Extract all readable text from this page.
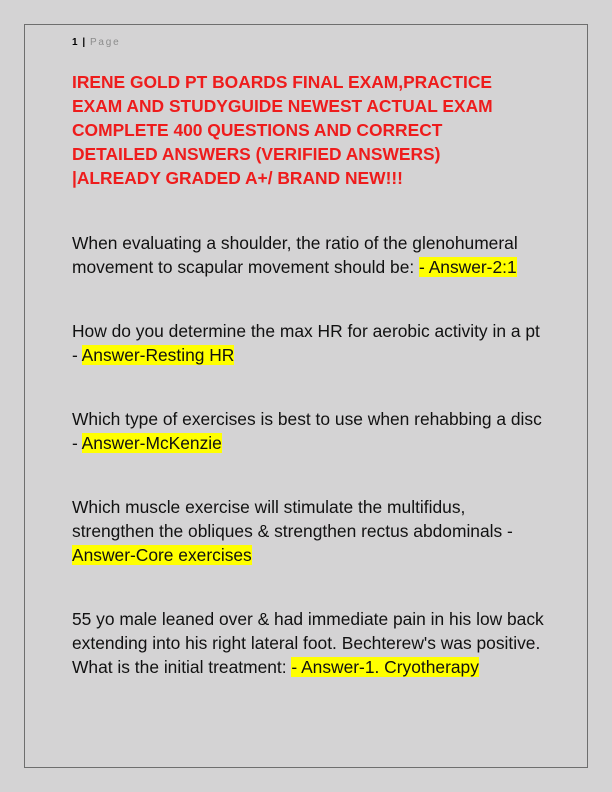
1 | Page
IRENE GOLD PT BOARDS FINAL EXAM,PRACTICE EXAM AND STUDYGUIDE NEWEST ACTUAL EXAM COMPLETE 400 QUESTIONS AND CORRECT DETAILED ANSWERS (VERIFIED ANSWERS) |ALREADY GRADED A+/ BRAND NEW!!!

When evaluating a shoulder, the ratio of the glenohumeral movement to scapular movement should be: - Answer-2:1

How do you determine the max HR for aerobic activity in a pt - Answer-Resting HR

Which type of exercises is best to use when rehabbing a disc - Answer-McKenzie

Which muscle exercise will stimulate the multifidus, strengthen the obliques & strengthen rectus abdominals - Answer-Core exercises

55 yo male leaned over & had immediate pain in his low back extending into his right lateral foot. Bechterew's was positive. What is the initial treatment: - Answer-1. Cryotherapy
